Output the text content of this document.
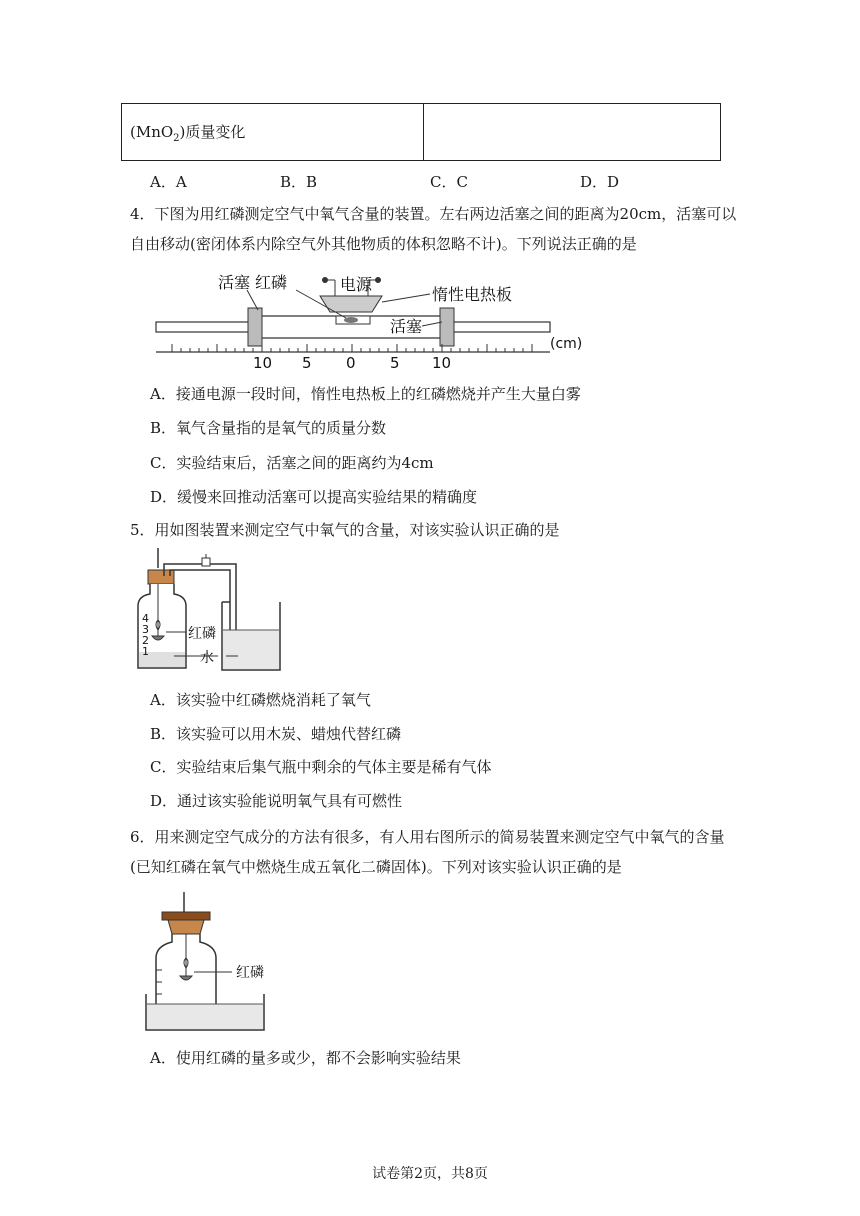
(MnO$_2$)质量变化	
A．A	B．B	C．C	D．D
4．下图为用红磷测定空气中氧气含量的装置。左右两边活塞之间的距离为20cm，活塞可以自由移动(密闭体系内除空气外其他物质的体积忽略不计)。下列说法正确的是
活塞 红磷	电源
惰性电热板
活塞
(cm)
10 5 0 5 10
A．接通电源一段时间，惰性电热板上的红磷燃烧并产生大量白雾
B．氧气含量指的是氧气的质量分数
C．实验结束后，活塞之间的距离约为4cm
D．缓慢来回推动活塞可以提高实验结果的精确度
5．用如图装置来测定空气中氧气的含量，对该实验认识正确的是
4
3
2
1
红磷
水
A．该实验中红磷燃烧消耗了氧气
B．该实验可以用木炭、蜡烛代替红磷
C．实验结束后集气瓶中剩余的气体主要是稀有气体
D．通过该实验能说明氧气具有可燃性
6．用来测定空气成分的方法有很多，有人用右图所示的简易装置来测定空气中氧气的含量(已知红磷在氧气中燃烧生成五氧化二磷固体)。下列对该实验认识正确的是
红磷
A．使用红磷的量多或少，都不会影响实验结果
试卷第2页，共8页
